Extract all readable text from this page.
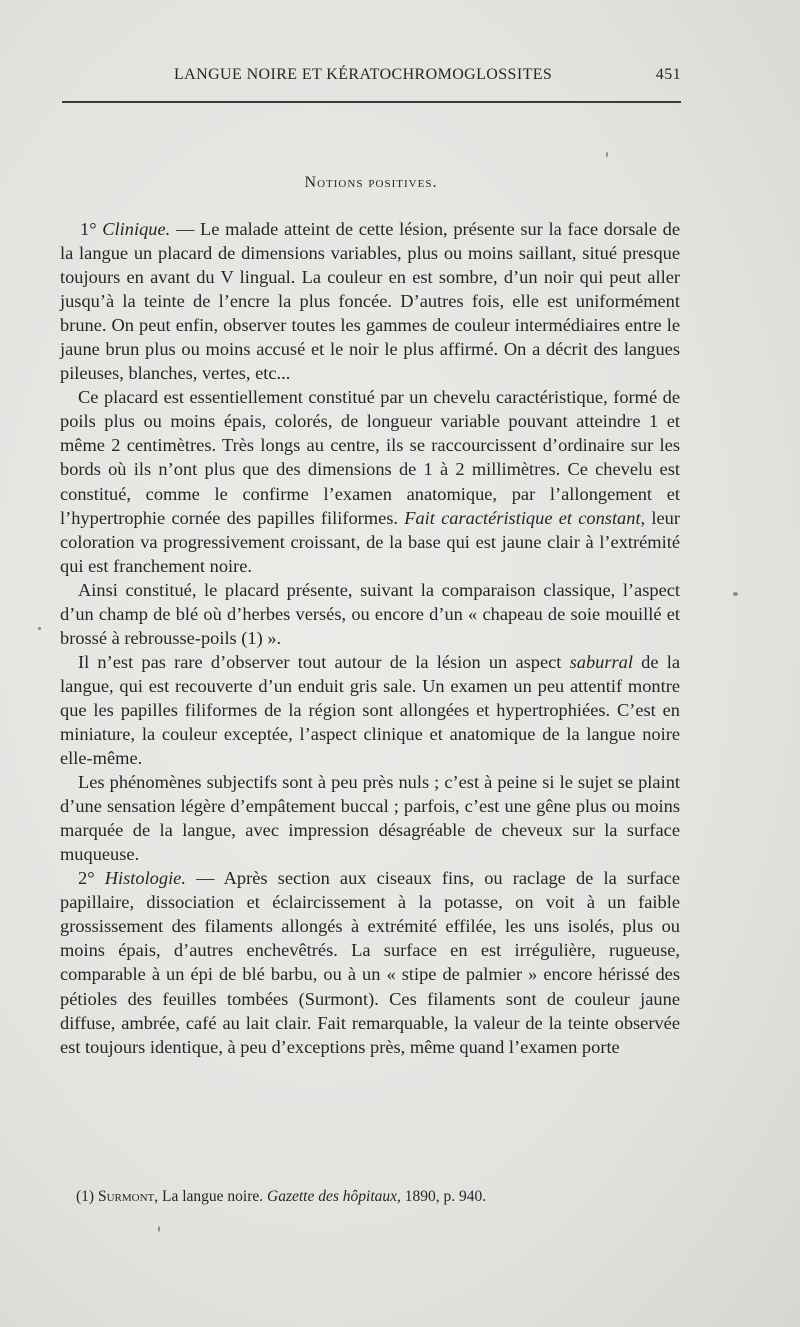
LANGUE NOIRE ET KÉRATOCHROMOGLOSSITES	451
Notions positives.

1° Clinique. — Le malade atteint de cette lésion, présente sur la face dorsale de la langue un placard de dimensions variables, plus ou moins saillant, situé presque toujours en avant du V lingual. La couleur en est sombre, d’un noir qui peut aller jusqu’à la teinte de l’encre la plus foncée. D’autres fois, elle est uniformément brune. On peut enfin, observer toutes les gammes de couleur intermédiaires entre le jaune brun plus ou moins accusé et le noir le plus affirmé. On a décrit des langues pileuses, blanches, vertes, etc...

Ce placard est essentiellement constitué par un chevelu caractéristique, formé de poils plus ou moins épais, colorés, de longueur variable pouvant atteindre 1 et même 2 centimètres. Très longs au centre, ils se raccourcissent d’ordinaire sur les bords où ils n’ont plus que des dimensions de 1 à 2 millimètres. Ce chevelu est constitué, comme le confirme l’examen anatomique, par l’allongement et l’hypertrophie cornée des papilles filiformes. Fait caractéristique et constant, leur coloration va progressivement croissant, de la base qui est jaune clair à l’extrémité qui est franchement noire.

Ainsi constitué, le placard présente, suivant la comparaison classique, l’aspect d’un champ de blé où d’herbes versés, ou encore d’un « chapeau de soie mouillé et brossé à rebrousse-poils (1) ».

Il n’est pas rare d’observer tout autour de la lésion un aspect saburral de la langue, qui est recouverte d’un enduit gris sale. Un examen un peu attentif montre que les papilles filiformes de la région sont allongées et hypertrophiées. C’est en miniature, la couleur exceptée, l’aspect clinique et anatomique de la langue noire elle-même.

Les phénomènes subjectifs sont à peu près nuls ; c’est à peine si le sujet se plaint d’une sensation légère d’empâtement buccal ; parfois, c’est une gêne plus ou moins marquée de la langue, avec impression désagréable de cheveux sur la surface muqueuse.

2° Histologie. — Après section aux ciseaux fins, ou raclage de la surface papillaire, dissociation et éclaircissement à la potasse, on voit à un faible grossissement des filaments allongés à extrémité effilée, les uns isolés, plus ou moins épais, d’autres enchevêtrés. La surface en est irrégulière, rugueuse, comparable à un épi de blé barbu, ou à un « stipe de palmier » encore hérissé des pétioles des feuilles tombées (Surmont). Ces filaments sont de couleur jaune diffuse, ambrée, café au lait clair. Fait remarquable, la valeur de la teinte observée est toujours identique, à peu d’exceptions près, même quand l’examen porte

(1) Surmont, La langue noire. Gazette des hôpitaux, 1890, p. 940.
